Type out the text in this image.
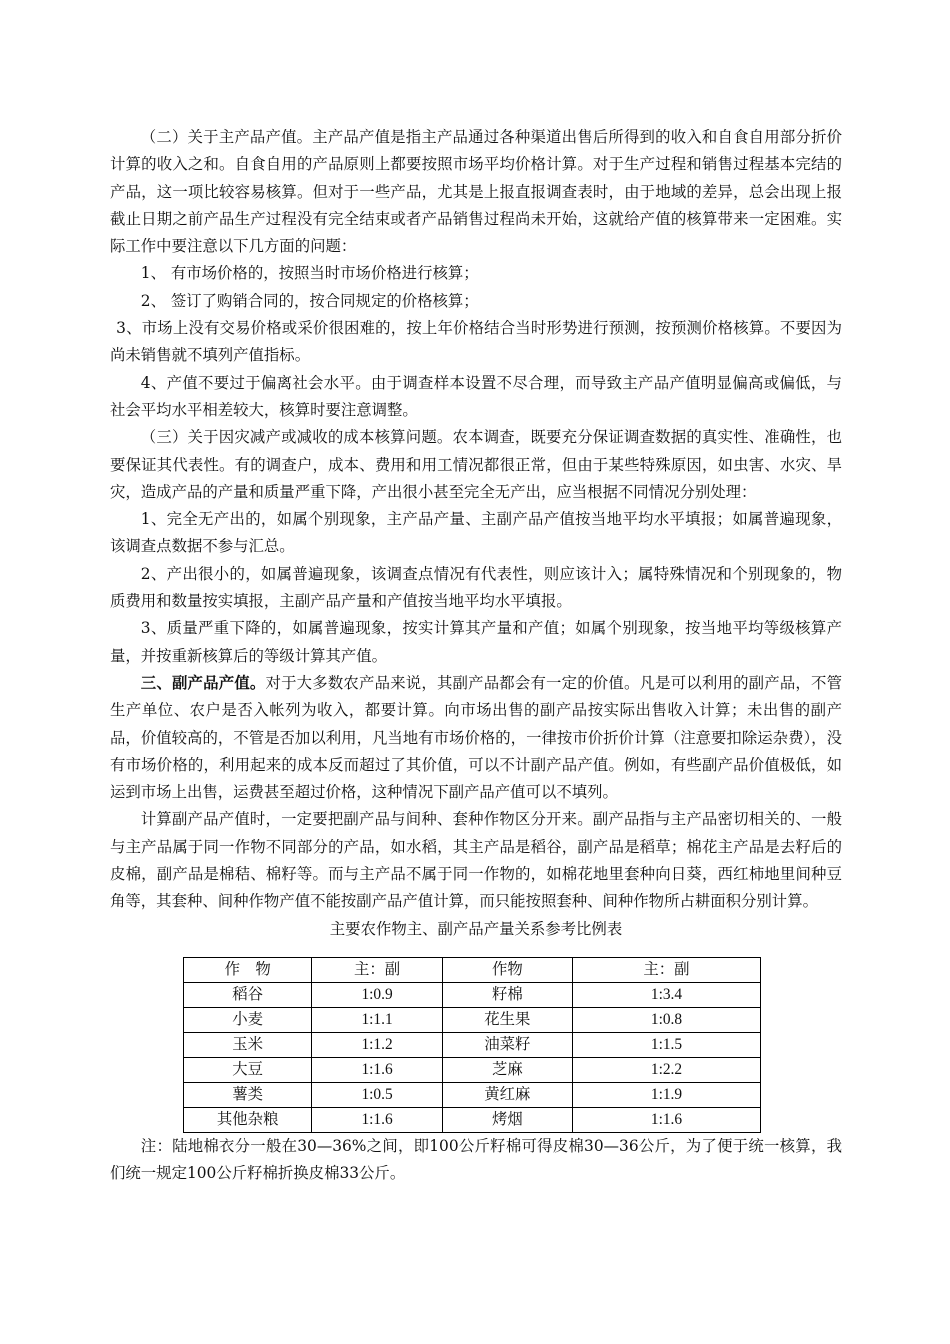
（二）关于主产品产值。主产品产值是指主产品通过各种渠道出售后所得到的收入和自食自用部分折价计算的收入之和。自食自用的产品原则上都要按照市场平均价格计算。对于生产过程和销售过程基本完结的产品，这一项比较容易核算。但对于一些产品，尤其是上报直报调查表时，由于地域的差异，总会出现上报截止日期之前产品生产过程没有完全结束或者产品销售过程尚未开始，这就给产值的核算带来一定困难。实际工作中要注意以下几方面的问题：

1、 有市场价格的，按照当时市场价格进行核算；

2、 签订了购销合同的，按合同规定的价格核算；

3、市场上没有交易价格或采价很困难的，按上年价格结合当时形势进行预测，按预测价格核算。不要因为尚未销售就不填列产值指标。

4、产值不要过于偏离社会水平。由于调查样本设置不尽合理，而导致主产品产值明显偏高或偏低，与社会平均水平相差较大，核算时要注意调整。

（三）关于因灾减产或减收的成本核算问题。农本调查，既要充分保证调查数据的真实性、准确性，也要保证其代表性。有的调查户，成本、费用和用工情况都很正常，但由于某些特殊原因，如虫害、水灾、旱灾，造成产品的产量和质量严重下降，产出很小甚至完全无产出，应当根据不同情况分别处理：

1、完全无产出的，如属个别现象，主产品产量、主副产品产值按当地平均水平填报；如属普遍现象，该调查点数据不参与汇总。

2、产出很小的，如属普遍现象，该调查点情况有代表性，则应该计入；属特殊情况和个别现象的，物质费用和数量按实填报，主副产品产量和产值按当地平均水平填报。

3、质量严重下降的，如属普遍现象，按实计算其产量和产值；如属个别现象，按当地平均等级核算产量，并按重新核算后的等级计算其产值。

三、副产品产值。对于大多数农产品来说，其副产品都会有一定的价值。凡是可以利用的副产品，不管生产单位、农户是否入帐列为收入，都要计算。向市场出售的副产品按实际出售收入计算；未出售的副产品，价值较高的，不管是否加以利用，凡当地有市场价格的，一律按市价折价计算（注意要扣除运杂费），没有市场价格的，利用起来的成本反而超过了其价值，可以不计副产品产值。例如，有些副产品价值极低，如运到市场上出售，运费甚至超过价格，这种情况下副产品产值可以不填列。

计算副产品产值时，一定要把副产品与间种、套种作物区分开来。副产品指与主产品密切相关的、一般与主产品属于同一作物不同部分的产品，如水稻，其主产品是稻谷，副产品是稻草；棉花主产品是去籽后的皮棉，副产品是棉秸、棉籽等。而与主产品不属于同一作物的，如棉花地里套种向日葵，西红柿地里间种豆角等，其套种、间种作物产值不能按副产品产值计算，而只能按照套种、间种作物所占耕面积分别计算。

主要农作物主、副产品产量关系参考比例表

作　物	主：副	作物	主：副
稻谷	1:0.9	籽棉	1:3.4
小麦	1:1.1	花生果	1:0.8
玉米	1:1.2	油菜籽	1:1.5
大豆	1:1.6	芝麻	1:2.2
薯类	1:0.5	黄红麻	1:1.9
其他杂粮	1:1.6	烤烟	1:1.6

注：陆地棉衣分一般在30—36%之间，即100公斤籽棉可得皮棉30—36公斤，为了便于统一核算，我们统一规定100公斤籽棉折换皮棉33公斤。
